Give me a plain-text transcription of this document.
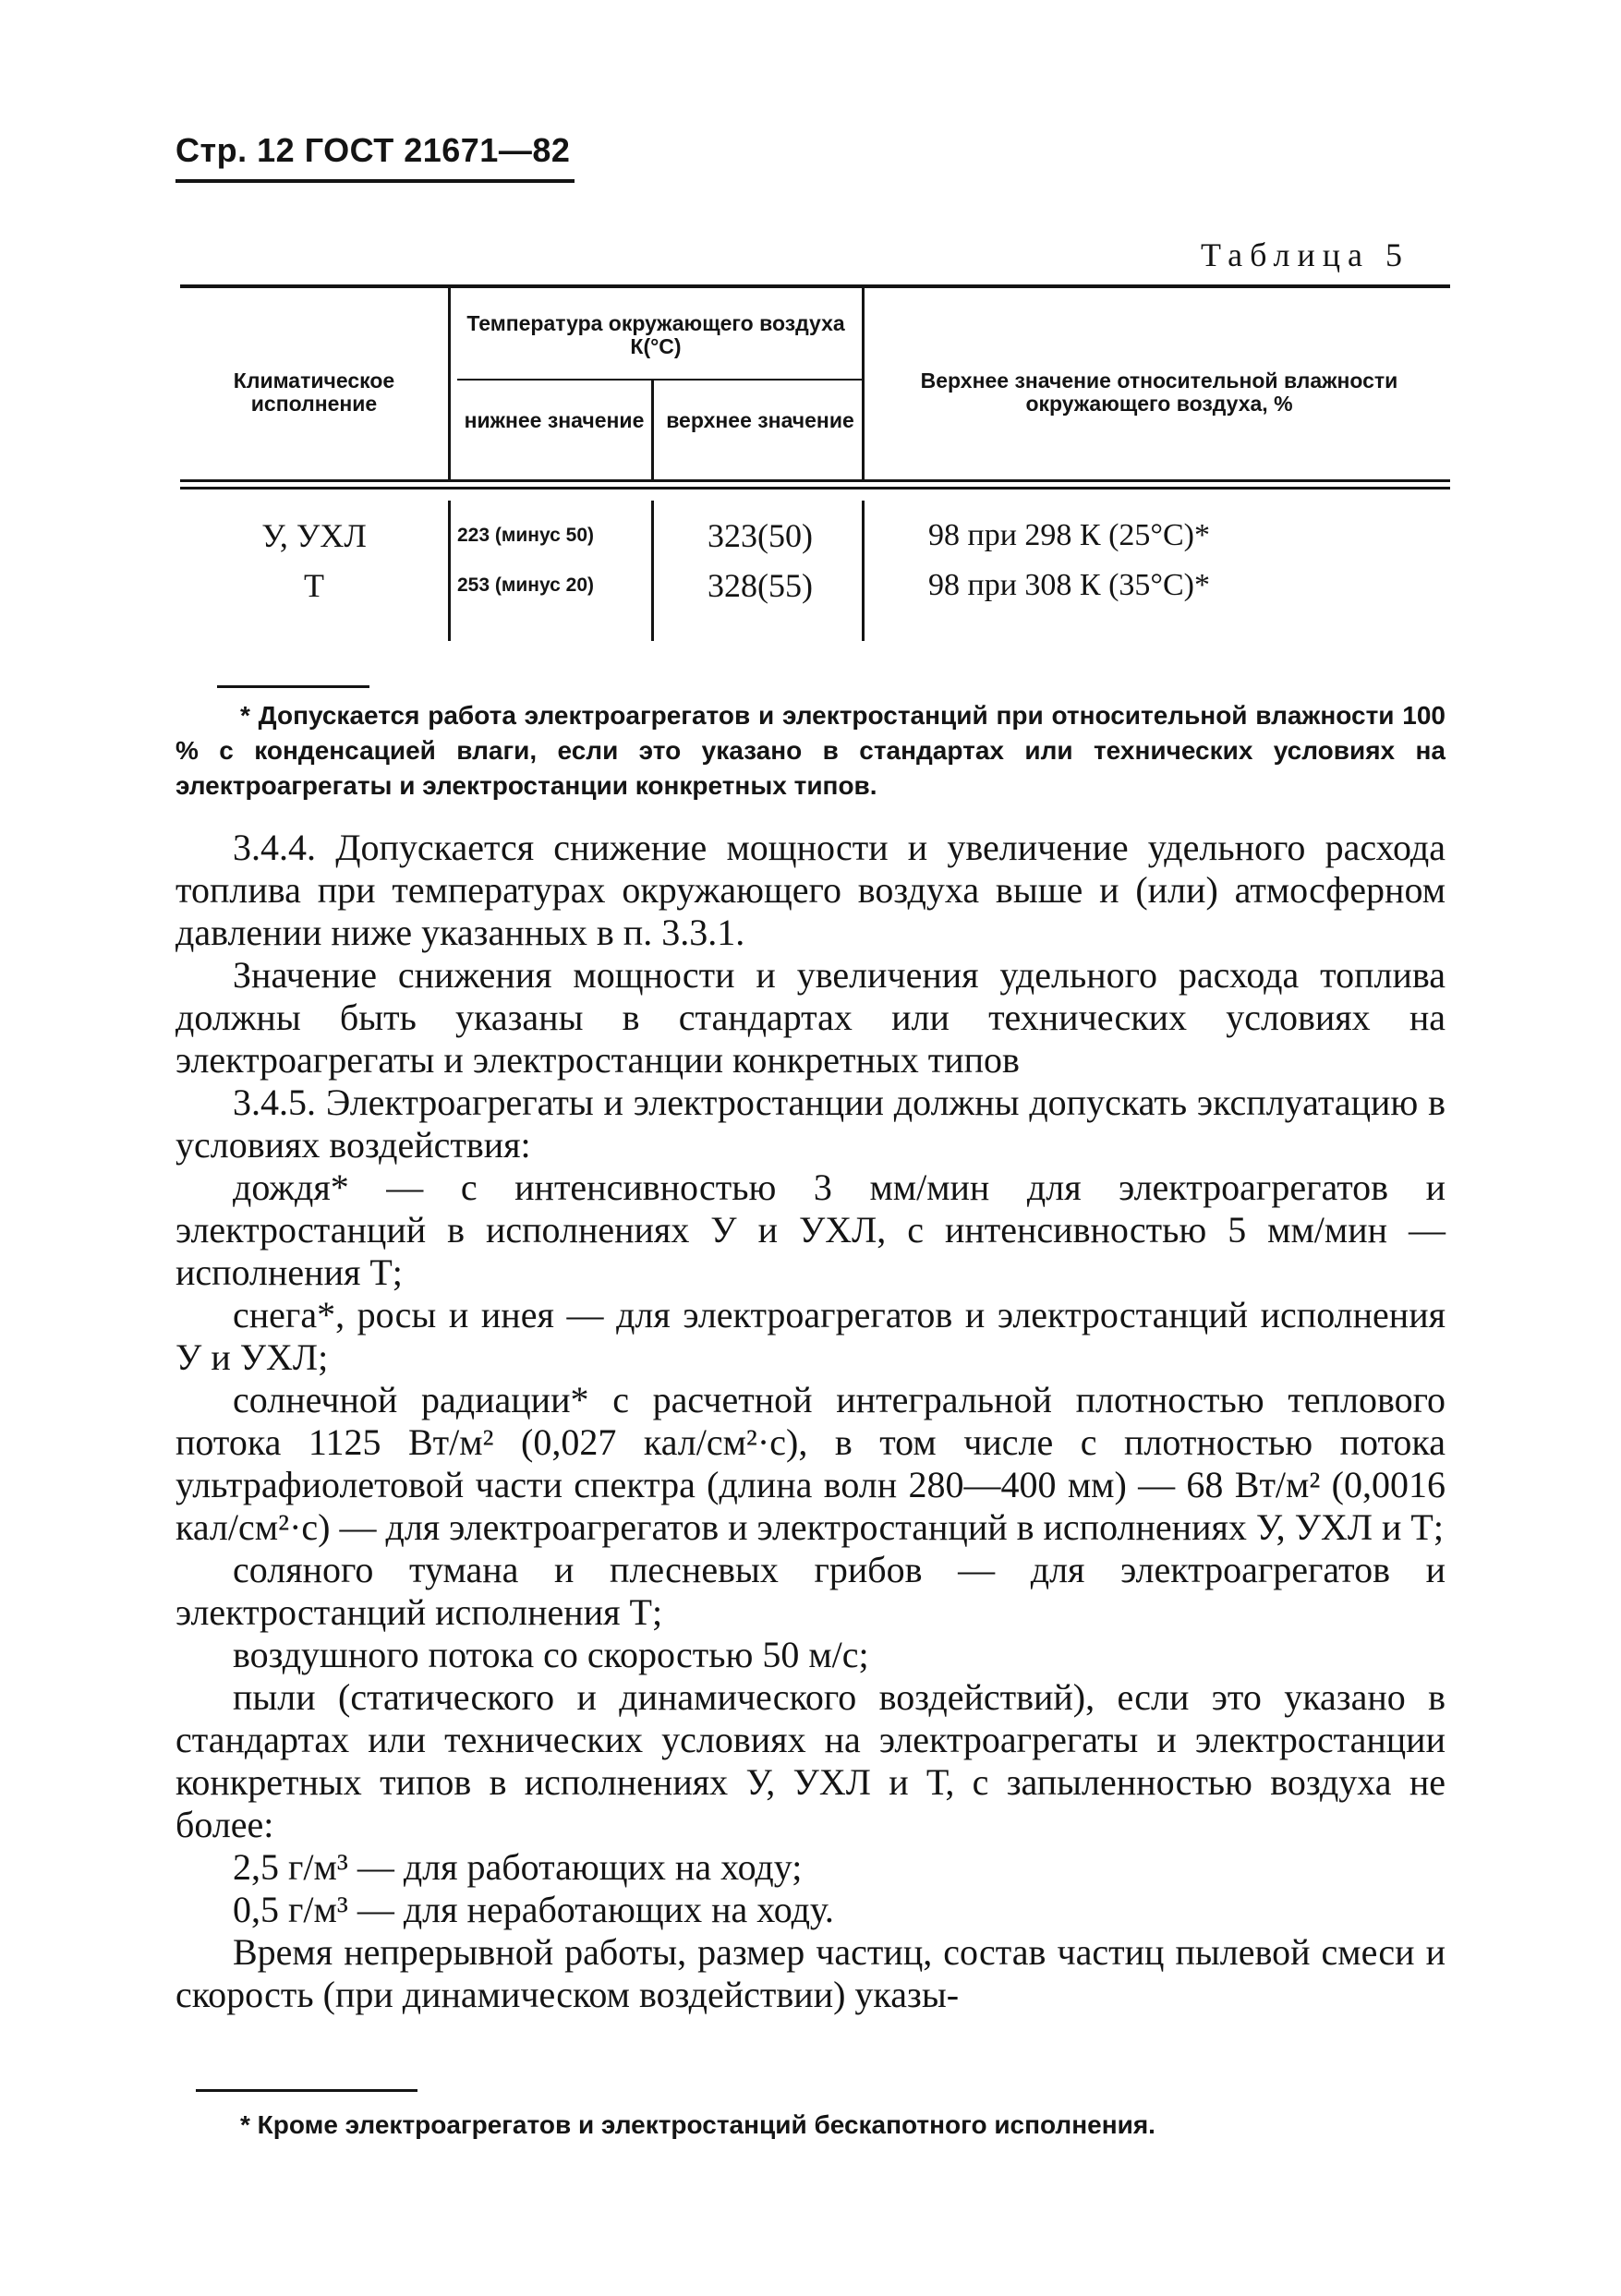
Стр. 12 ГОСТ 21671—82
Таблица 5
Климатическое исполнение
Температура окружающего воздуха К(°С)
нижнее значение	верхнее значение
Верхнее значение относительной влажности окружающего воздуха, %
У, УХЛ	223 (минус 50)	323(50)	98 при 298 К (25°С)*
Т	253 (минус 20)	328(55)	98 при 308 К (35°С)*
* Допускается работа электроагрегатов и электростанций при относительной влажности 100 % с конденсацией влаги, если это указано в стандартах или технических условиях на электроагрегаты и электростанции конкретных типов.

3.4.4. Допускается снижение мощности и увеличение удельного расхода топлива при температурах окружающего воздуха выше и (или) атмосферном давлении ниже указанных в п. 3.3.1.

Значение снижения мощности и увеличения удельного расхода топлива должны быть указаны в стандартах или технических условиях на электроагрегаты и электростанции конкретных типов

3.4.5. Электроагрегаты и электростанции должны допускать эксплуатацию в условиях воздействия:

дождя* — с интенсивностью 3 мм/мин для электроагрегатов и электростанций в исполнениях У и УХЛ, с интенсивностью 5 мм/мин — исполнения Т;

снега*, росы и инея — для электроагрегатов и электростанций исполнения У и УХЛ;

солнечной радиации* с расчетной интегральной плотностью теплового потока 1125 Вт/м² (0,027 кал/см²·с), в том числе с плотностью потока ультрафиолетовой части спектра (длина волн 280—400 мм) — 68 Вт/м² (0,0016 кал/см²·с) — для электроагрегатов и электростанций в исполнениях У, УХЛ и Т;

соляного тумана и плесневых грибов — для электроагрегатов и электростанций исполнения Т;

воздушного потока со скоростью 50 м/с;

пыли (статического и динамического воздействий), если это указано в стандартах или технических условиях на электроагрегаты и электростанции конкретных типов в исполнениях У, УХЛ и Т, с запыленностью воздуха не более:

2,5 г/м³ — для работающих на ходу;

0,5 г/м³ — для неработающих на ходу.

Время непрерывной работы, размер частиц, состав частиц пылевой смеси и скорость (при динамическом воздействии) указы-

* Кроме электроагрегатов и электростанций бескапотного исполнения.
